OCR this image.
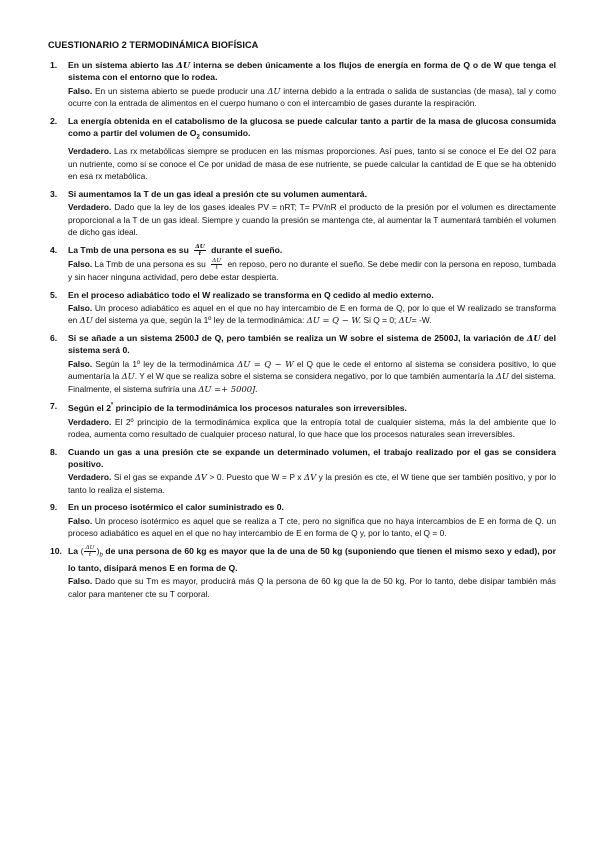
CUESTIONARIO 2 TERMODINÁMICA BIOFÍSICA
1.	En un sistema abierto las ΔU interna se deben únicamente a los flujos de energía en forma de Q o de W que tenga el sistema con el entorno que lo rodea.

Falso. En un sistema abierto se puede producir una ΔU interna debido a la entrada o salida de sustancias (de masa), tal y como ocurre con la entrada de alimentos en el cuerpo humano o con el intercambio de gases durante la respiración.

2.	La energía obtenida en el catabolismo de la glucosa se puede calcular tanto a partir de la masa de glucosa consumida como a partir del volumen de $O_2$ consumido.

Verdadero. Las rx metabólicas siempre se producen en las mismas proporciones. Así pues, tanto si se conoce el Ee del O2 para un nutriente, como si se conoce el Ce por unidad de masa de ese nutriente, se puede calcular la cantidad de E que se ha obtenido en esa rx metabólica.

3.	Si aumentamos la T de un gas ideal a presión cte su volumen aumentará.

Verdadero. Dado que la ley de los gases ideales PV = nRT; T= PV/nR el producto de la presión por el volumen es directamente proporcional a la T de un gas ideal. Siempre y cuando la presión se mantenga cte, al aumentar la T aumentará también el volumen de dicho gas ideal.

4.	La Tmb de una persona es su $\frac{\Delta U}{t}$ durante el sueño.

Falso. La Tmb de una persona es su $\frac{\Delta U}{t}$ en reposo, pero no durante el sueño. Se debe medir con la persona en reposo, tumbada y sin hacer ninguna actividad, pero debe estar despierta.

5.	En el proceso adiabático todo el W realizado se transforma en Q cedido al medio externo.

Falso. Un proceso adiabático es aquel en el que no hay intercambio de E en forma de Q, por lo que el W realizado se transforma en ΔU del sistema ya que, según la 1º ley de la termodinámica: ΔU = Q − W. Si Q = 0; ΔU= -W.

6.	Si se añade a un sistema 2500J de Q, pero también se realiza un W sobre el sistema de 2500J, la variación de ΔU del sistema será 0.

Falso. Según la 1º ley de la termodinámica ΔU = Q − W el Q que le cede el entorno al sistema se considera positivo, lo que aumentaría la ΔU. Y el W que se realiza sobre el sistema se considera negativo, por lo que también aumentaría la ΔU del sistema. Finalmente, el sistema sufriría una ΔU =+ 5000J.

7.	Según el $2^º$ principio de la termodinámica los procesos naturales son irreversibles.

Verdadero. El 2º principio de la termodinámica explica que la entropía total de cualquier sistema, más la del ambiente que lo rodea, aumenta como resultado de cualquier proceso natural, lo que hace que los procesos naturales sean irreversibles.

8.	Cuando un gas a una presión cte se expande un determinado volumen, el trabajo realizado por el gas se considera positivo.

Verdadero. Si el gas se expande ΔV > 0. Puesto que W = P x ΔV y la presión es cte, el W tiene que ser también positivo, y por lo tanto lo realiza el sistema.

9.	En un proceso isotérmico el calor suministrado es 0.

Falso. Un proceso isotérmico es aquel que se realiza a T cte, pero no significa que no haya intercambios de E en forma de Q. un proceso adiabático es aquel en el que no hay intercambio de E en forma de Q y, por lo tanto, el Q = 0.

10. La ( $\frac{\Delta U}{t} )_b$ de una persona de 60 kg es mayor que la de una de 50 kg (suponiendo que tienen el mismo sexo y edad), por lo tanto, disipará menos E en forma de Q.

Falso. Dado que su Tm es mayor, producirá más Q la persona de 60 kg que la de 50 kg. Por lo tanto, debe disipar también más calor para mantener cte su T corporal.
